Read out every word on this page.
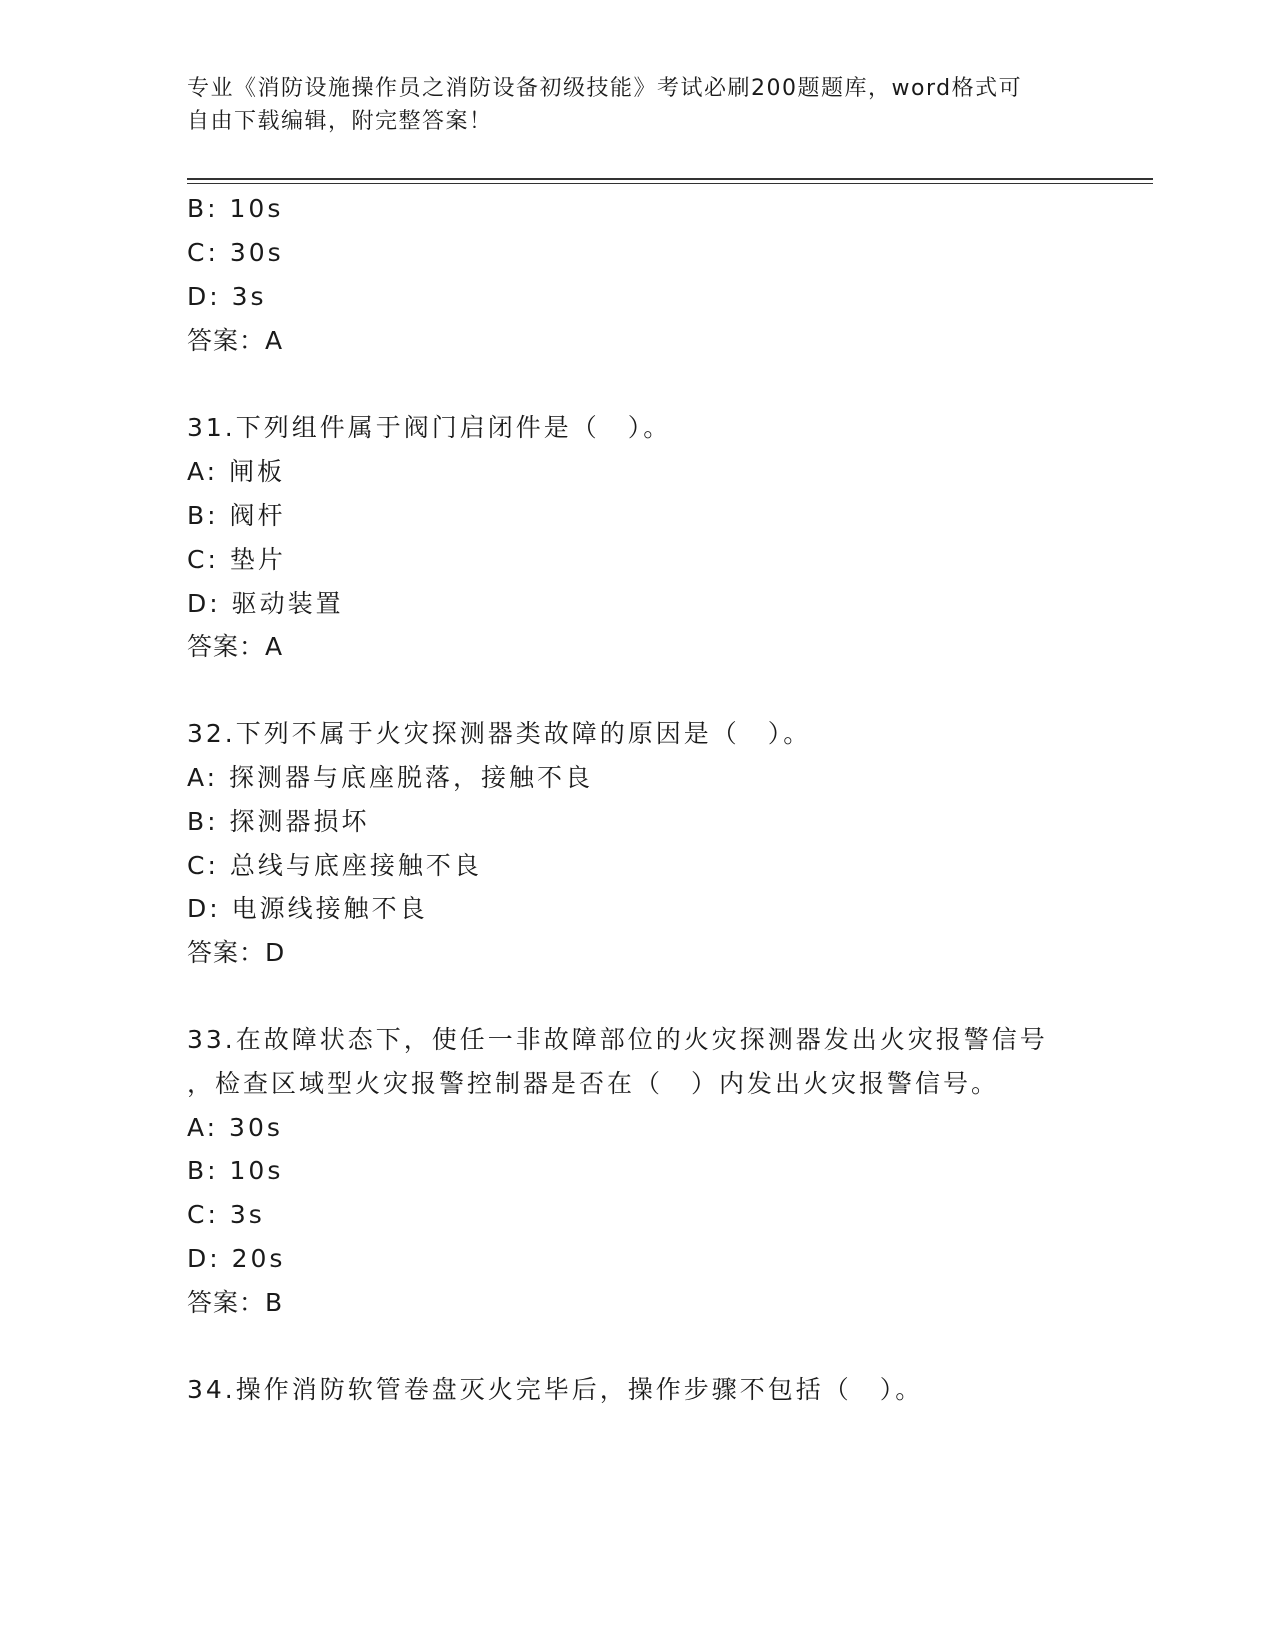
专业《消防设施操作员之消防设备初级技能》考试必刷200题题库，word格式可
自由下载编辑，附完整答案！
B: 10s
C: 30s
D: 3s
答案：A
31.下列组件属于阀门启闭件是（　）。
A: 闸板
B: 阀杆
C: 垫片
D: 驱动装置
答案：A
32.下列不属于火灾探测器类故障的原因是（　）。
A: 探测器与底座脱落，接触不良
B: 探测器损坏
C: 总线与底座接触不良
D: 电源线接触不良
答案：D
33.在故障状态下，使任一非故障部位的火灾探测器发出火灾报警信号
，检查区域型火灾报警控制器是否在（　）内发出火灾报警信号。
A: 30s
B: 10s
C: 3s
D: 20s
答案：B
34.操作消防软管卷盘灭火完毕后，操作步骤不包括（　）。
